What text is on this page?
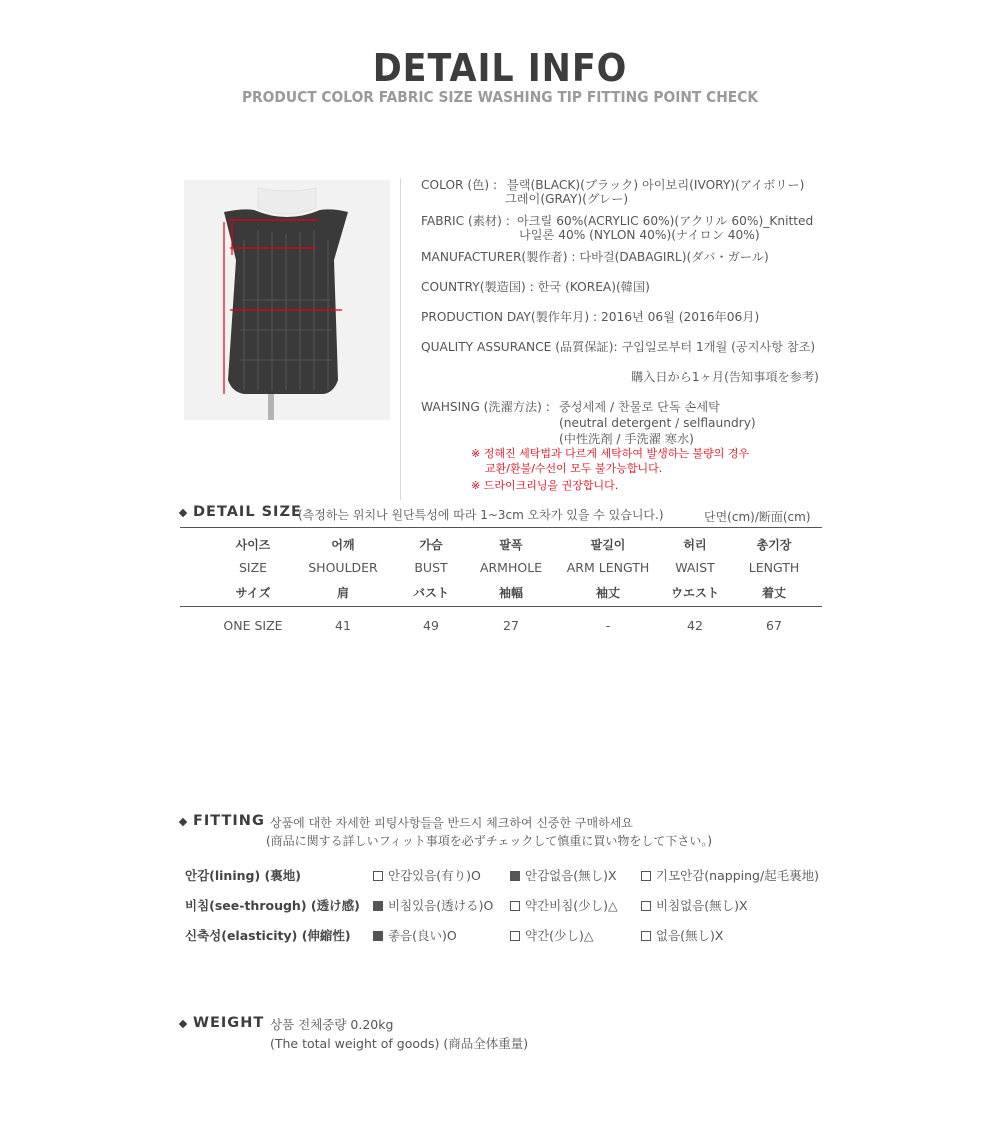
DETAIL INFO
PRODUCT COLOR FABRIC SIZE WASHING TIP FITTING POINT CHECK
COLOR (色) : 블랙(BLACK)(ブラック) 아이보리(IVORY)(アイボリー)
그레이(GRAY)(グレー)
FABRIC (素材) : 아크릴 60%(ACRYLIC 60%)(アクリル 60%)_Knitted
나일론 40% (NYLON 40%)(ナイロン 40%)
MANUFACTURER(製作者) : 다바걸(DABAGIRL)(ダバ・ガール)
COUNTRY(製造国) : 한국 (KOREA)(韓国)
PRODUCTION DAY(製作年月) : 2016년 06월 (2016年06月)
QUALITY ASSURANCE (品質保証): 구입일로부터 1개월 (공지사항 참조)
購入日から1ヶ月(告知事項を参考)
WAHSING (洗濯方法) : 중성세제 / 찬물로 단독 손세탁
(neutral detergent / selflaundry)
(中性洗剤 / 手洗濯 寒水)
※ 정해진 세탁법과 다르게 세탁하여 발생하는 불량의 경우
교환/환불/수선이 모두 불가능합니다.
※ 드라이크리닝을 권장합니다.
DETAIL SIZE
(측정하는 위치나 원단특성에 따라 1~3cm 오차가 있을 수 있습니다.)	단면(cm)/断面(cm)
사이즈	어깨	가슴	팔폭	팔길이	허리	총기장
SIZE	SHOULDER	BUST	ARMHOLE	ARM LENGTH	WAIST	LENGTH
サイズ	肩	バスト	袖幅	袖丈	ウエスト	着丈
ONE SIZE	41	49	27	-	42	67
FITTING 상품에 대한 자세한 피팅사항들을 반드시 체크하여 신중한 구매하세요
(商品に関する詳しいフィット事項を必ずチェックして慎重に買い物をして下さい。)
안감(lining) (裏地)	안감있음(有り)O	안감없음(無し)X	기모안감(napping/起毛裏地)
비침(see-through) (透け感)	비침있음(透ける)O	약간비침(少し)△	비침없음(無し)X
신축성(elasticity) (伸縮性)	좋음(良い)O	약간(少し)△	없음(無し)X
WEIGHT 상품 전체중량 0.20kg
(The total weight of goods) (商品全体重量)
